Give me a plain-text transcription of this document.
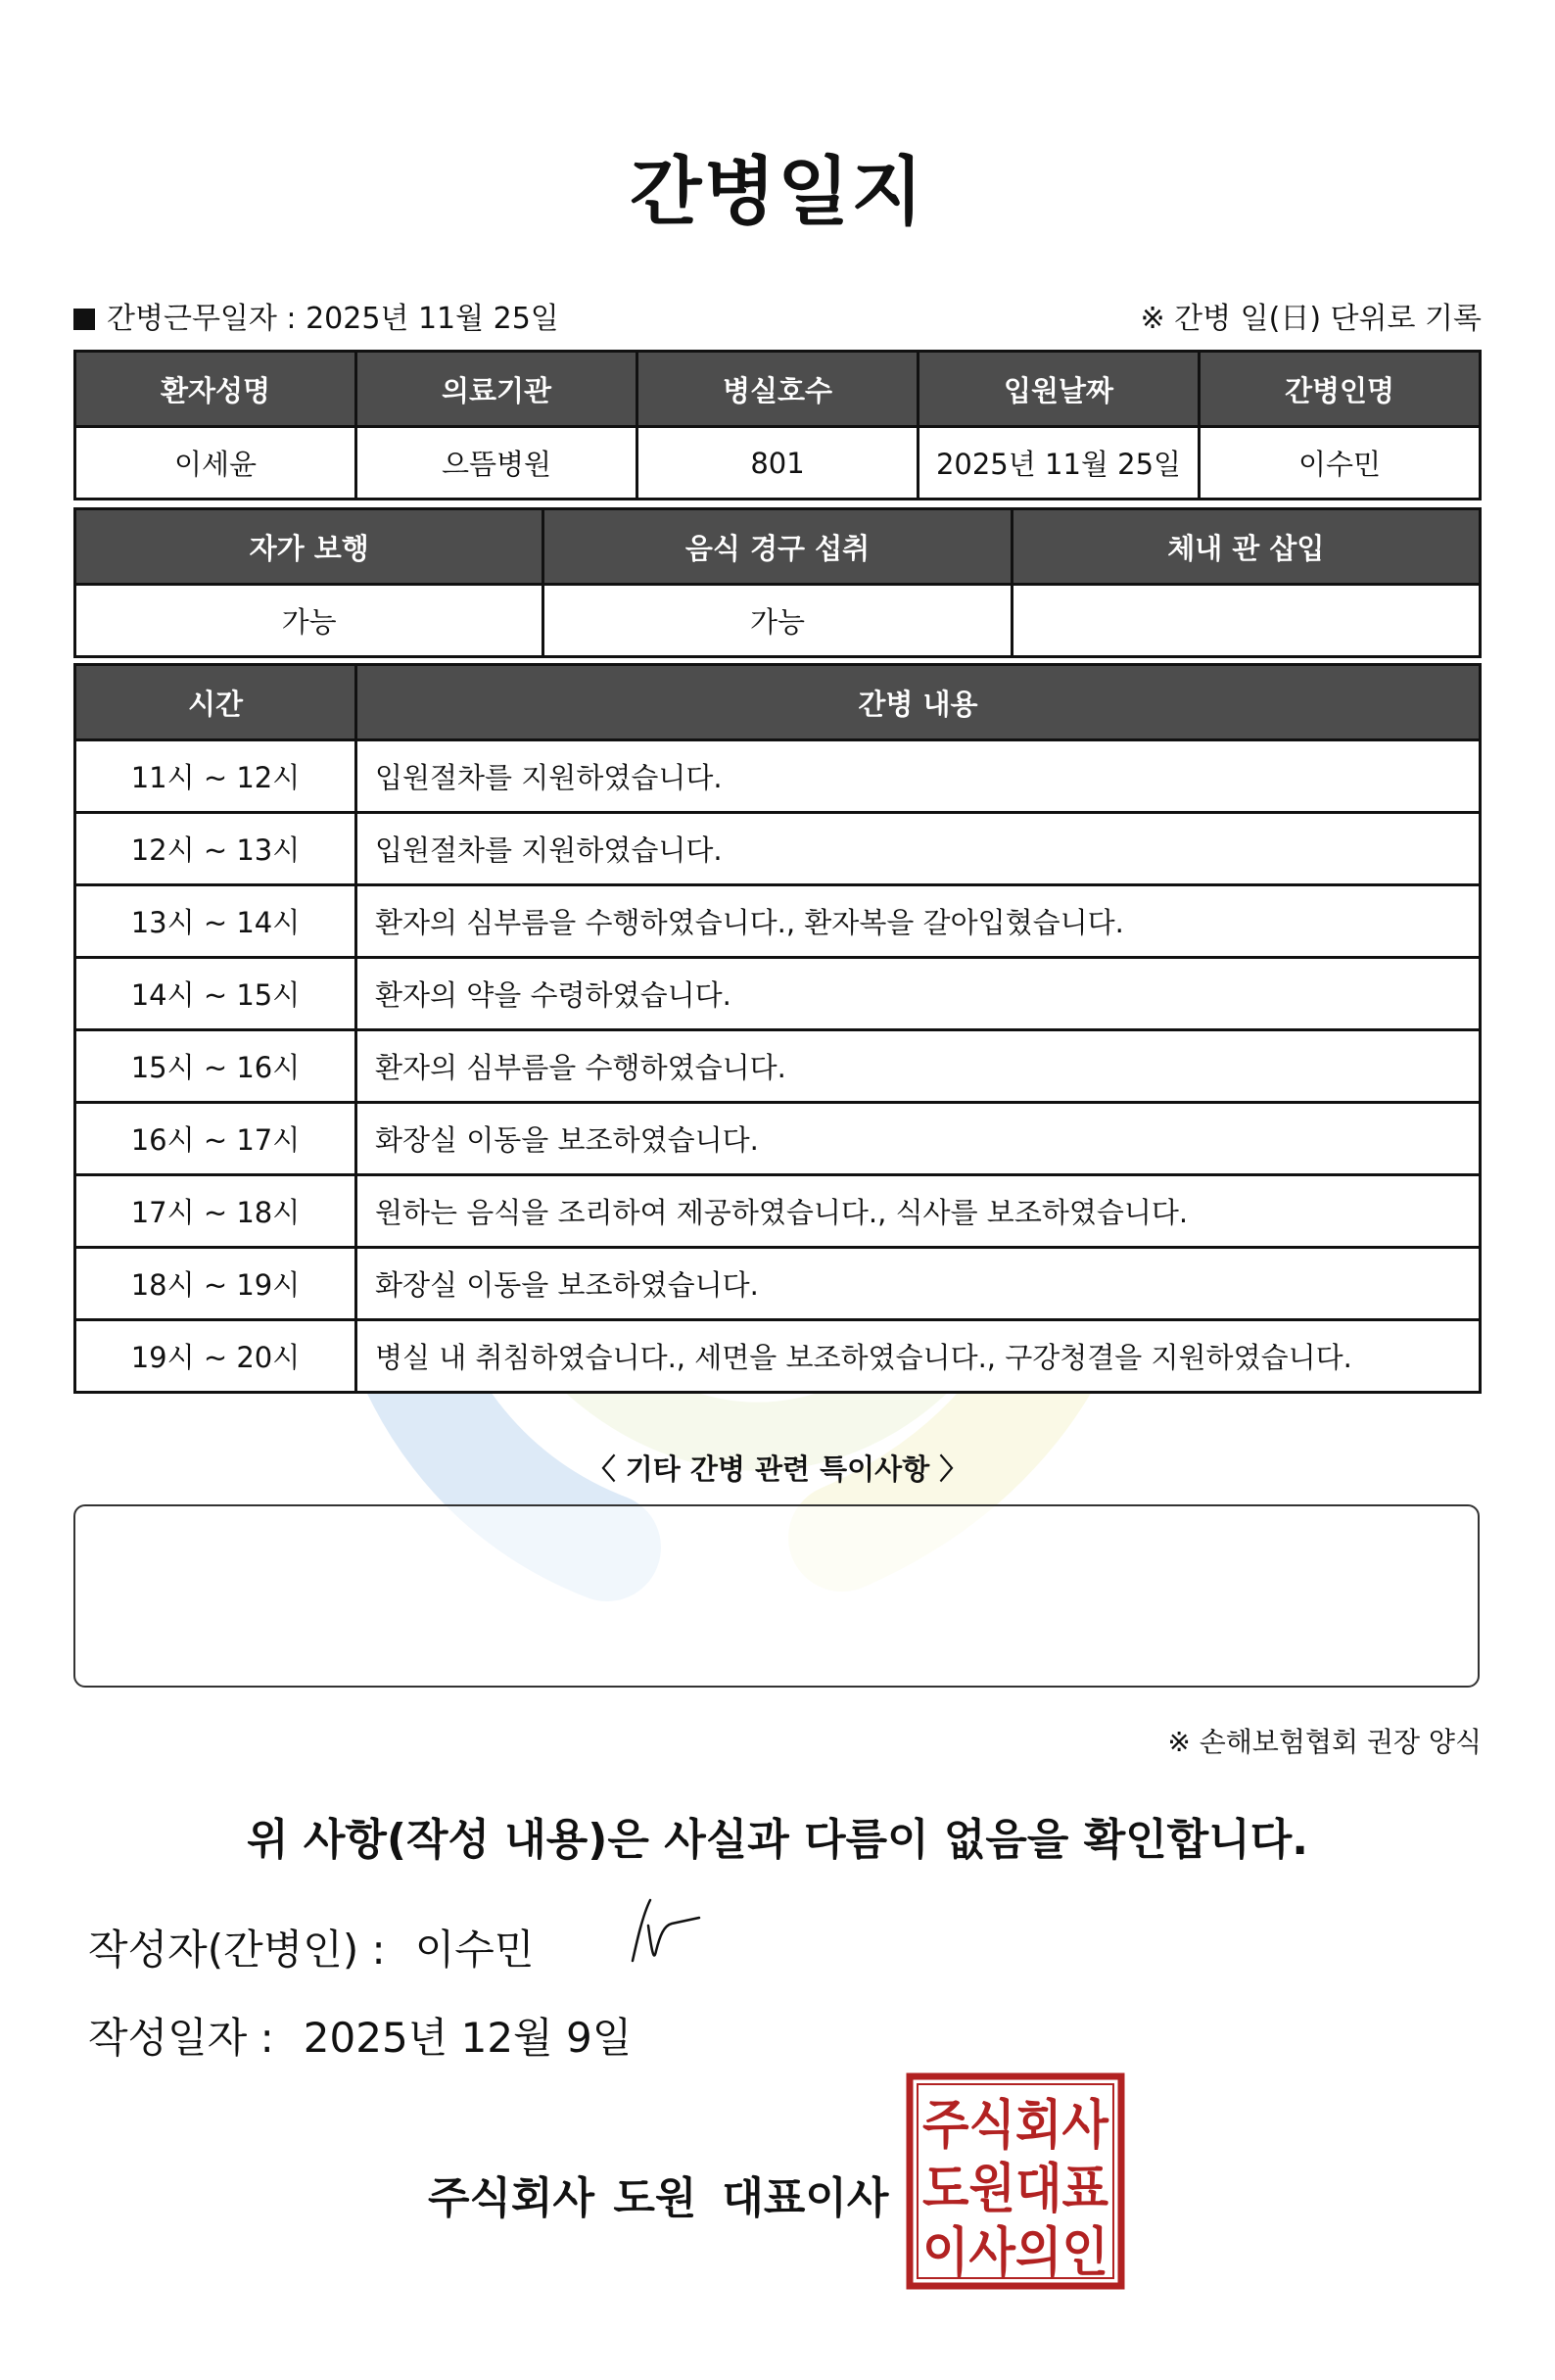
간병일지
간병근무일자 : 2025년 11월 25일	※ 간병 일(日) 단위로 기록
환자성명	의료기관	병실호수	입원날짜	간병인명
이세윤	으뜸병원	801	2025년 11월 25일	이수민
자가 보행	음식 경구 섭취	체내 관 삽입
가능	가능	
시간	간병 내용
11시 ~ 12시	입원절차를 지원하였습니다.
12시 ~ 13시	입원절차를 지원하였습니다.
13시 ~ 14시	환자의 심부름을 수행하였습니다., 환자복을 갈아입혔습니다.
14시 ~ 15시	환자의 약을 수령하였습니다.
15시 ~ 16시	환자의 심부름을 수행하였습니다.
16시 ~ 17시	화장실 이동을 보조하였습니다.
17시 ~ 18시	원하는 음식을 조리하여 제공하였습니다., 식사를 보조하였습니다.
18시 ~ 19시	화장실 이동을 보조하였습니다.
19시 ~ 20시	병실 내 취침하였습니다., 세면을 보조하였습니다., 구강청결을 지원하였습니다.
〈 기타 간병 관련 특이사항 〉
※ 손해보험협회 권장 양식
위 사항(작성 내용)은 사실과 다름이 없음을 확인합니다.
작성자(간병인) : 이수민
작성일자 : 2025년 12월 9일
주식회사 도원 대표이사
주식회사
도원대표
이사의인
